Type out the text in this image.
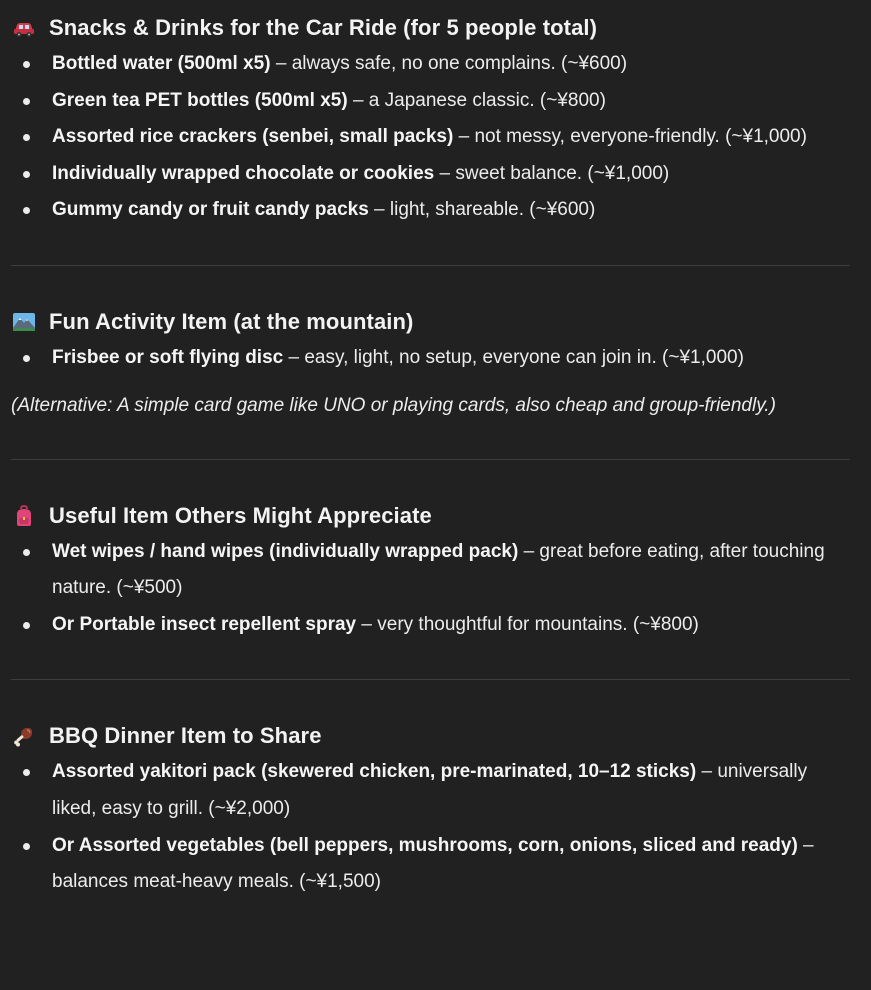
Snacks & Drinks for the Car Ride (for 5 people total)
Bottled water (500ml x5) – always safe, no one complains. (~¥600)
Green tea PET bottles (500ml x5) – a Japanese classic. (~¥800)
Assorted rice crackers (senbei, small packs) – not messy, everyone-friendly. (~¥1,000)
Individually wrapped chocolate or cookies – sweet balance. (~¥1,000)
Gummy candy or fruit candy packs – light, shareable. (~¥600)
Fun Activity Item (at the mountain)
Frisbee or soft flying disc – easy, light, no setup, everyone can join in. (~¥1,000)

(Alternative: A simple card game like UNO or playing cards, also cheap and group-friendly.)

Useful Item Others Might Appreciate
Wet wipes / hand wipes (individually wrapped pack) – great before eating, after touching nature. (~¥500)
Or Portable insect repellent spray – very thoughtful for mountains. (~¥800)
BBQ Dinner Item to Share
Assorted yakitori pack (skewered chicken, pre-marinated, 10–12 sticks) – universally liked, easy to grill. (~¥2,000)
Or Assorted vegetables (bell peppers, mushrooms, corn, onions, sliced and ready) – balances meat-heavy meals. (~¥1,500)
